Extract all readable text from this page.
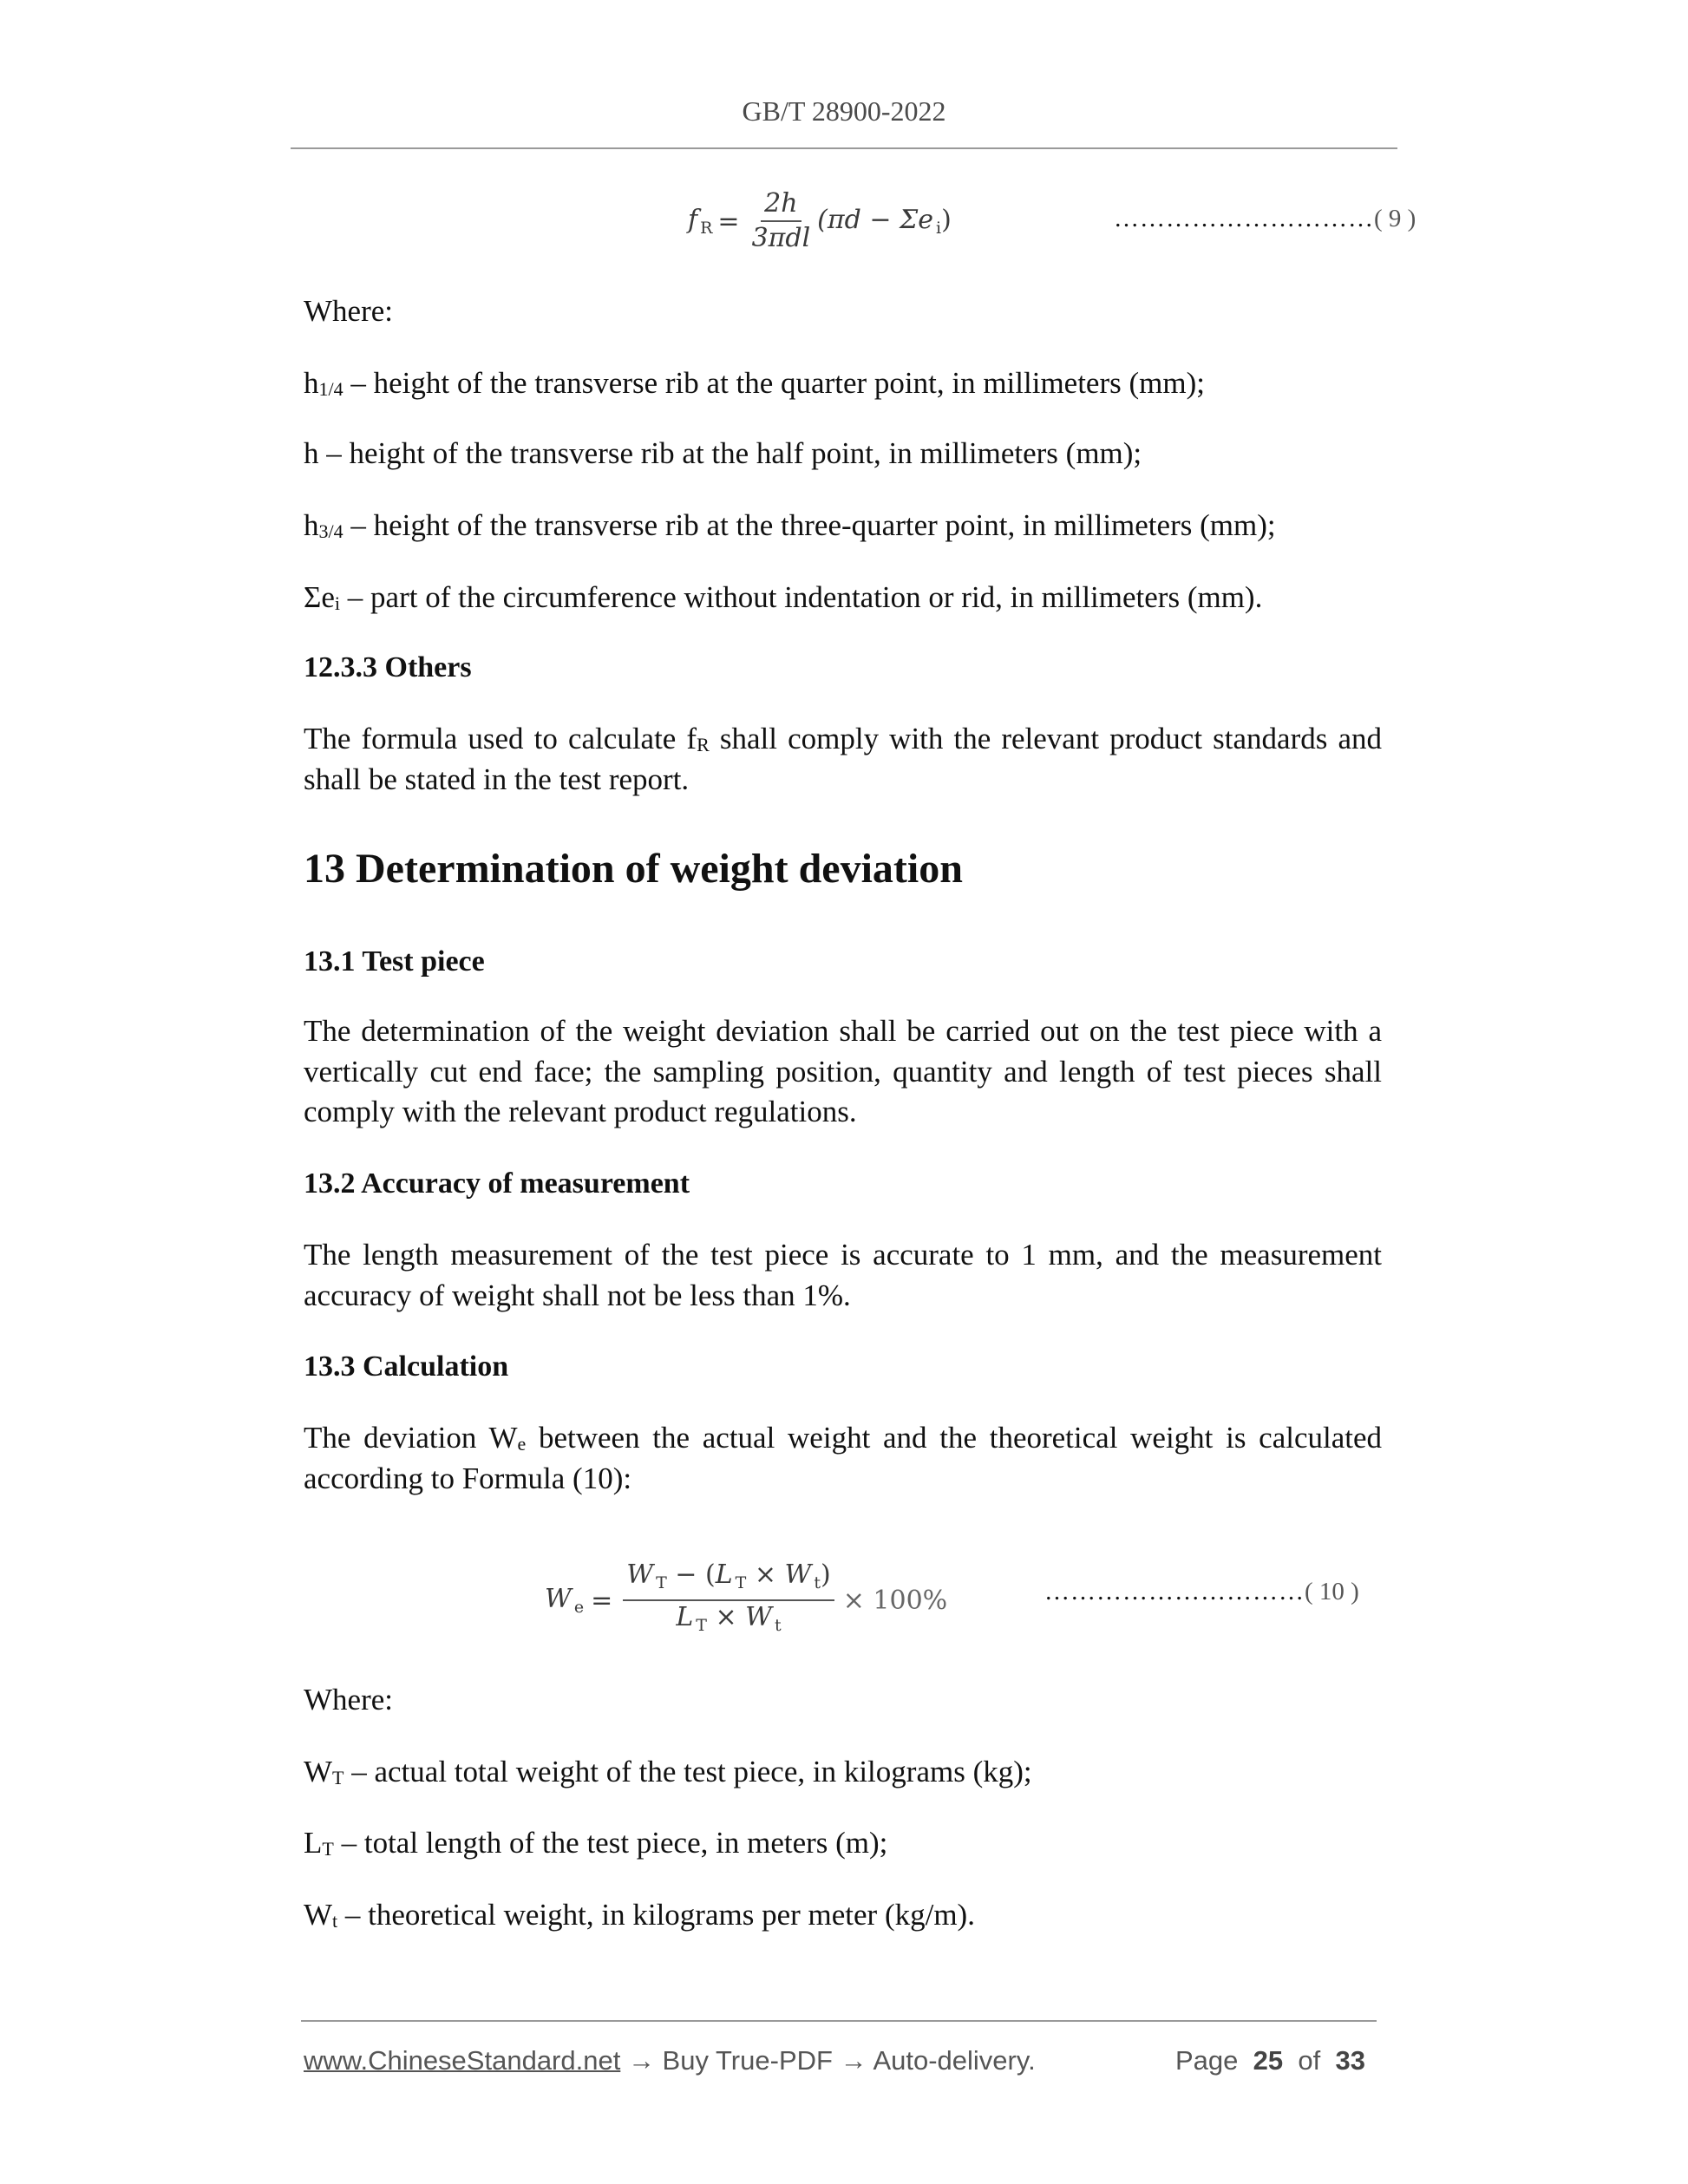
GB/T 28900-2022
f $_R = \frac{2h}{\text{3πdl}} (\pi d - \Sigma e$ $_i$)	…………………………( 9 )
Where:
$h_{1/4}$ – height of the transverse rib at the quarter point, in millimeters (mm);
h – height of the transverse rib at the half point, in millimeters (mm);
$h_{3/4}$ – height of the transverse rib at the three-quarter point, in millimeters (mm);
$\Sigma e_i$ – part of the circumference without indentation or rid, in millimeters (mm).
12.3.3 Others
The formula used to calculate $f_R$ shall comply with the relevant product standards and shall be stated in the test report.
13 Determination of weight deviation
13.1 Test piece
The determination of the weight deviation shall be carried out on the test piece with a vertically cut end face; the sampling position, quantity and length of test pieces shall comply with the relevant product regulations.
13.2 Accuracy of measurement
The length measurement of the test piece is accurate to 1 mm, and the measurement accuracy of weight shall not be less than 1%.
13.3 Calculation
The deviation $W_e$ between the actual weight and the theoretical weight is calculated according to Formula (10):
W $_e = \frac{W _T - (L _T \times W _t)}{L _T \times W _t} \times 100\%$	…………………………( 10 )
Where:
$W_T$ – actual total weight of the test piece, in kilograms (kg);
$L_T$ – total length of the test piece, in meters (m);
$W_t$ – theoretical weight, in kilograms per meter (kg/m).
www.ChineseStandard.net → Buy True-PDF → Auto-delivery.	Page 25 of 33
